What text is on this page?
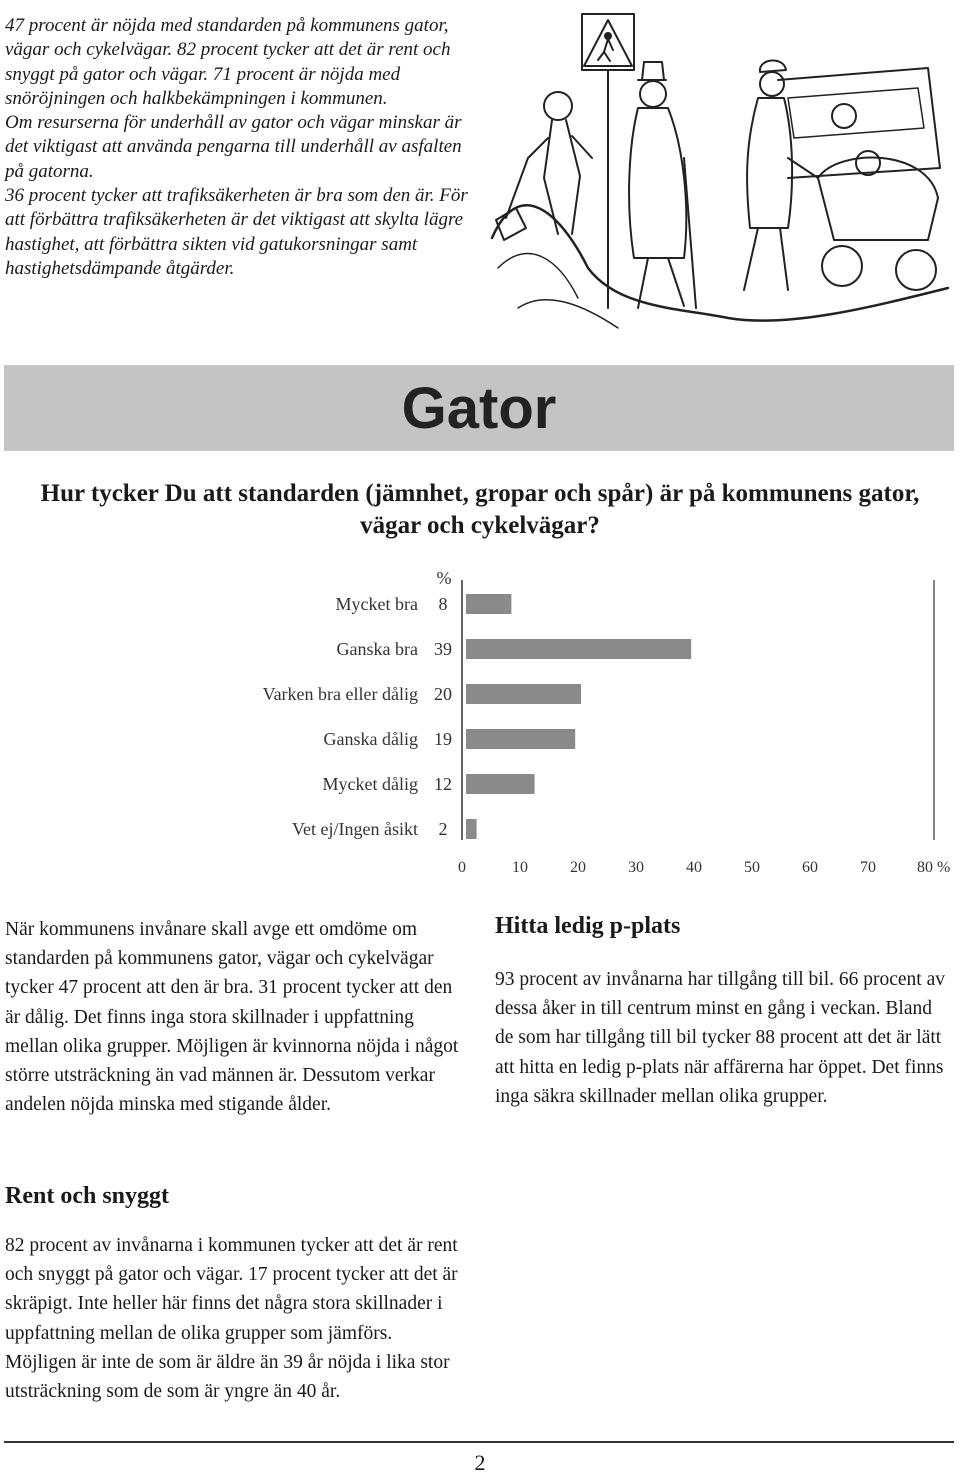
47 procent är nöjda med standarden på kommunens gator, vägar och cykelvägar. 82 procent tycker att det är rent och snyggt på gator och vägar. 71 procent är nöjda med snöröjningen och halkbekämpningen i kommunen.

Om resurserna för underhåll av gator och vägar minskar är det viktigast att använda pengarna till underhåll av asfalten på gatorna.

36 procent tycker att trafiksäkerheten är bra som den är. För att förbättra trafiksäkerheten är det viktigast att skylta lägre hastighet, att förbättra sikten vid gatukorsningar samt hastighetsdämpande åtgärder.

Gator

Hur tycker Du att standarden (jämnhet, gropar och spår) är på kommunens gator, vägar och cykelvägar?

%
Mycket bra 8
Ganska bra 39
Varken bra eller dålig 20
Ganska dålig 19
Mycket dålig 12
Vet ej/Ingen åsikt 2
0	10	20	30	40	50	60	70	80 %

När kommunens invånare skall avge ett omdöme om standarden på kommunens gator, vägar och cykelvägar tycker 47 procent att den är bra. 31 procent tycker att den är dålig. Det finns inga stora skillnader i uppfattning mellan olika grupper. Möjligen är kvinnorna nöjda i något större utsträckning än vad männen är. Dessutom verkar andelen nöjda minska med stigande ålder.

Hitta ledig p-plats

93 procent av invånarna har tillgång till bil. 66 procent av dessa åker in till centrum minst en gång i veckan. Bland de som har tillgång till bil tycker 88 procent att det är lätt att hitta en ledig p-plats när affärerna har öppet. Det finns inga säkra skillnader mellan olika grupper.

Rent och snyggt

82 procent av invånarna i kommunen tycker att det är rent och snyggt på gator och vägar. 17 procent tycker att det är skräpigt. Inte heller här finns det några stora skillnader i uppfattning mellan de olika grupper som jämförs. Möjligen är inte de som är äldre än 39 år nöjda i lika stor utsträckning som de som är yngre än 40 år.

2
